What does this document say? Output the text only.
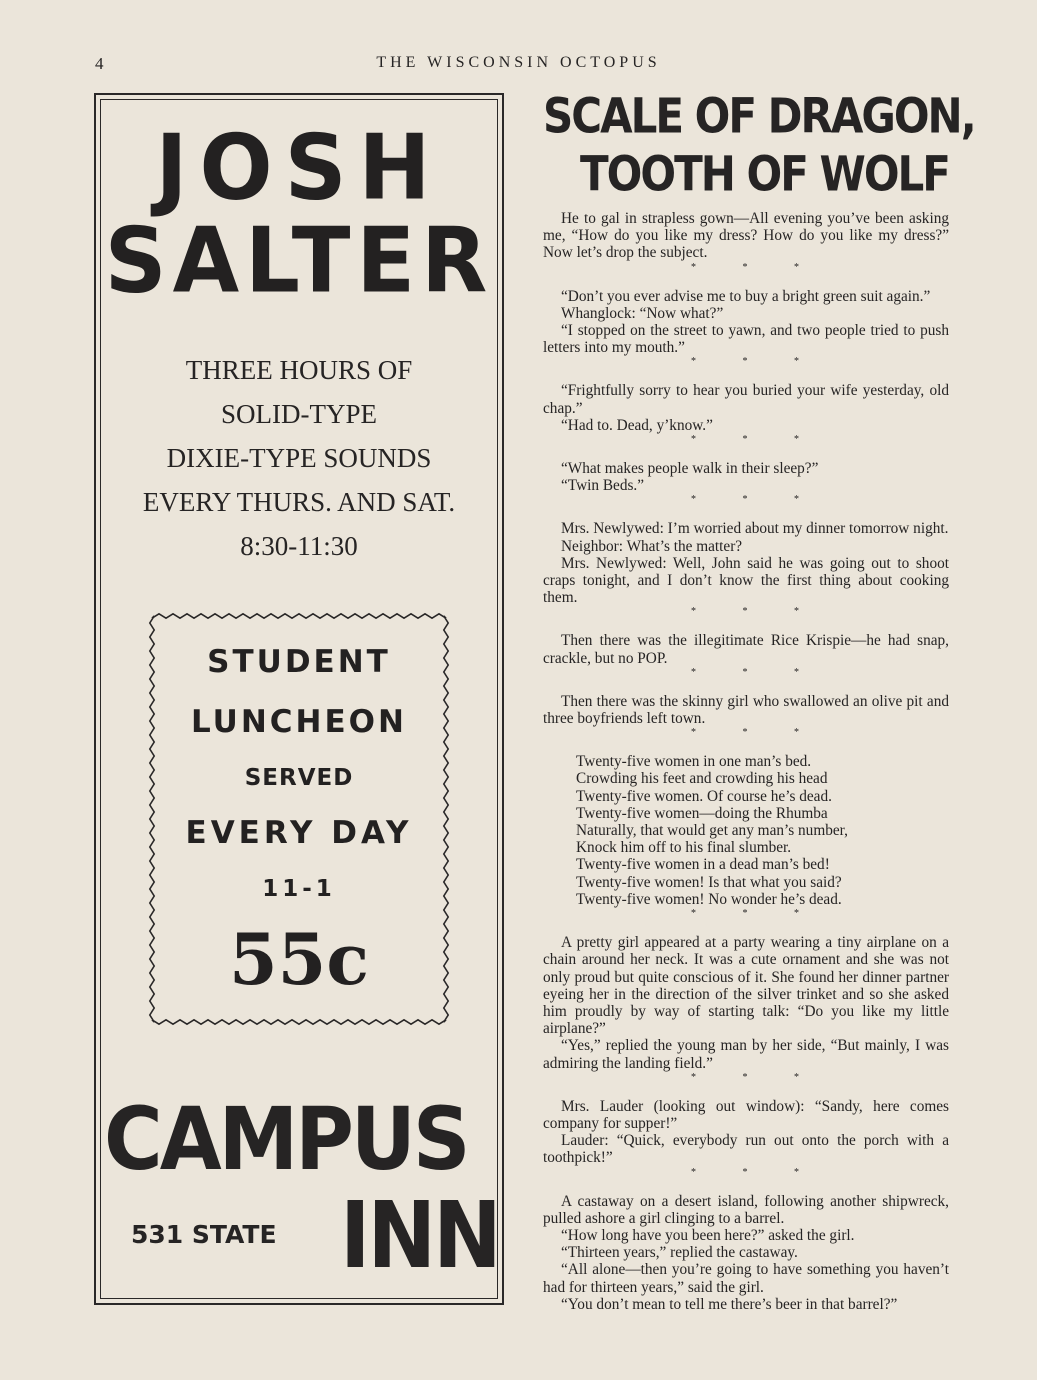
4	THE WISCONSIN OCTOPUS
JOSH
SALTER
THREE HOURS OF
SOLID-TYPE
DIXIE-TYPE SOUNDS
EVERY THURS. AND SAT.
8:30-11:30
STUDENT
LUNCHEON
SERVED
EVERY DAY
11-1
55c
CAMPUS
531 STATE INN
SCALE OF DRAGON,
TOOTH OF WOLF

He to gal in strapless gown—All evening you’ve been asking me, “How do you like my dress? How do you like my dress?” Now let’s drop the subject.

* * *

“Don’t you ever advise me to buy a bright green suit again.”

Whanglock: “Now what?”

“I stopped on the street to yawn, and two people tried to push letters into my mouth.”

* * *

“Frightfully sorry to hear you buried your wife yesterday, old chap.”

“Had to. Dead, y’know.”

* * *

“What makes people walk in their sleep?”

“Twin Beds.”

* * *

Mrs. Newlywed: I’m worried about my dinner tomorrow night.

Neighbor: What’s the matter?

Mrs. Newlywed: Well, John said he was going out to shoot craps tonight, and I don’t know the first thing about cooking them.

* * *

Then there was the illegitimate Rice Krispie—he had snap, crackle, but no POP.

* * *

Then there was the skinny girl who swallowed an olive pit and three boyfriends left town.

* * *

Twenty-five women in one man’s bed.
Crowding his feet and crowding his head
Twenty-five women. Of course he’s dead.
Twenty-five women—doing the Rhumba
Naturally, that would get any man’s number,
Knock him off to his final slumber.
Twenty-five women in a dead man’s bed!
Twenty-five women! Is that what you said?
Twenty-five women! No wonder he’s dead.

* * *

A pretty girl appeared at a party wearing a tiny airplane on a chain around her neck. It was a cute ornament and she was not only proud but quite conscious of it. She found her dinner partner eyeing her in the direction of the silver trinket and so she asked him proudly by way of starting talk: “Do you like my little airplane?”

“Yes,” replied the young man by her side, “But mainly, I was admiring the landing field.”

* * *

Mrs. Lauder (looking out window): “Sandy, here comes company for supper!”

Lauder: “Quick, everybody run out onto the porch with a toothpick!”

* * *

A castaway on a desert island, following another shipwreck, pulled ashore a girl clinging to a barrel.

“How long have you been here?” asked the girl.

“Thirteen years,” replied the castaway.

“All alone—then you’re going to have something you haven’t had for thirteen years,” said the girl.

“You don’t mean to tell me there’s beer in that barrel?”
